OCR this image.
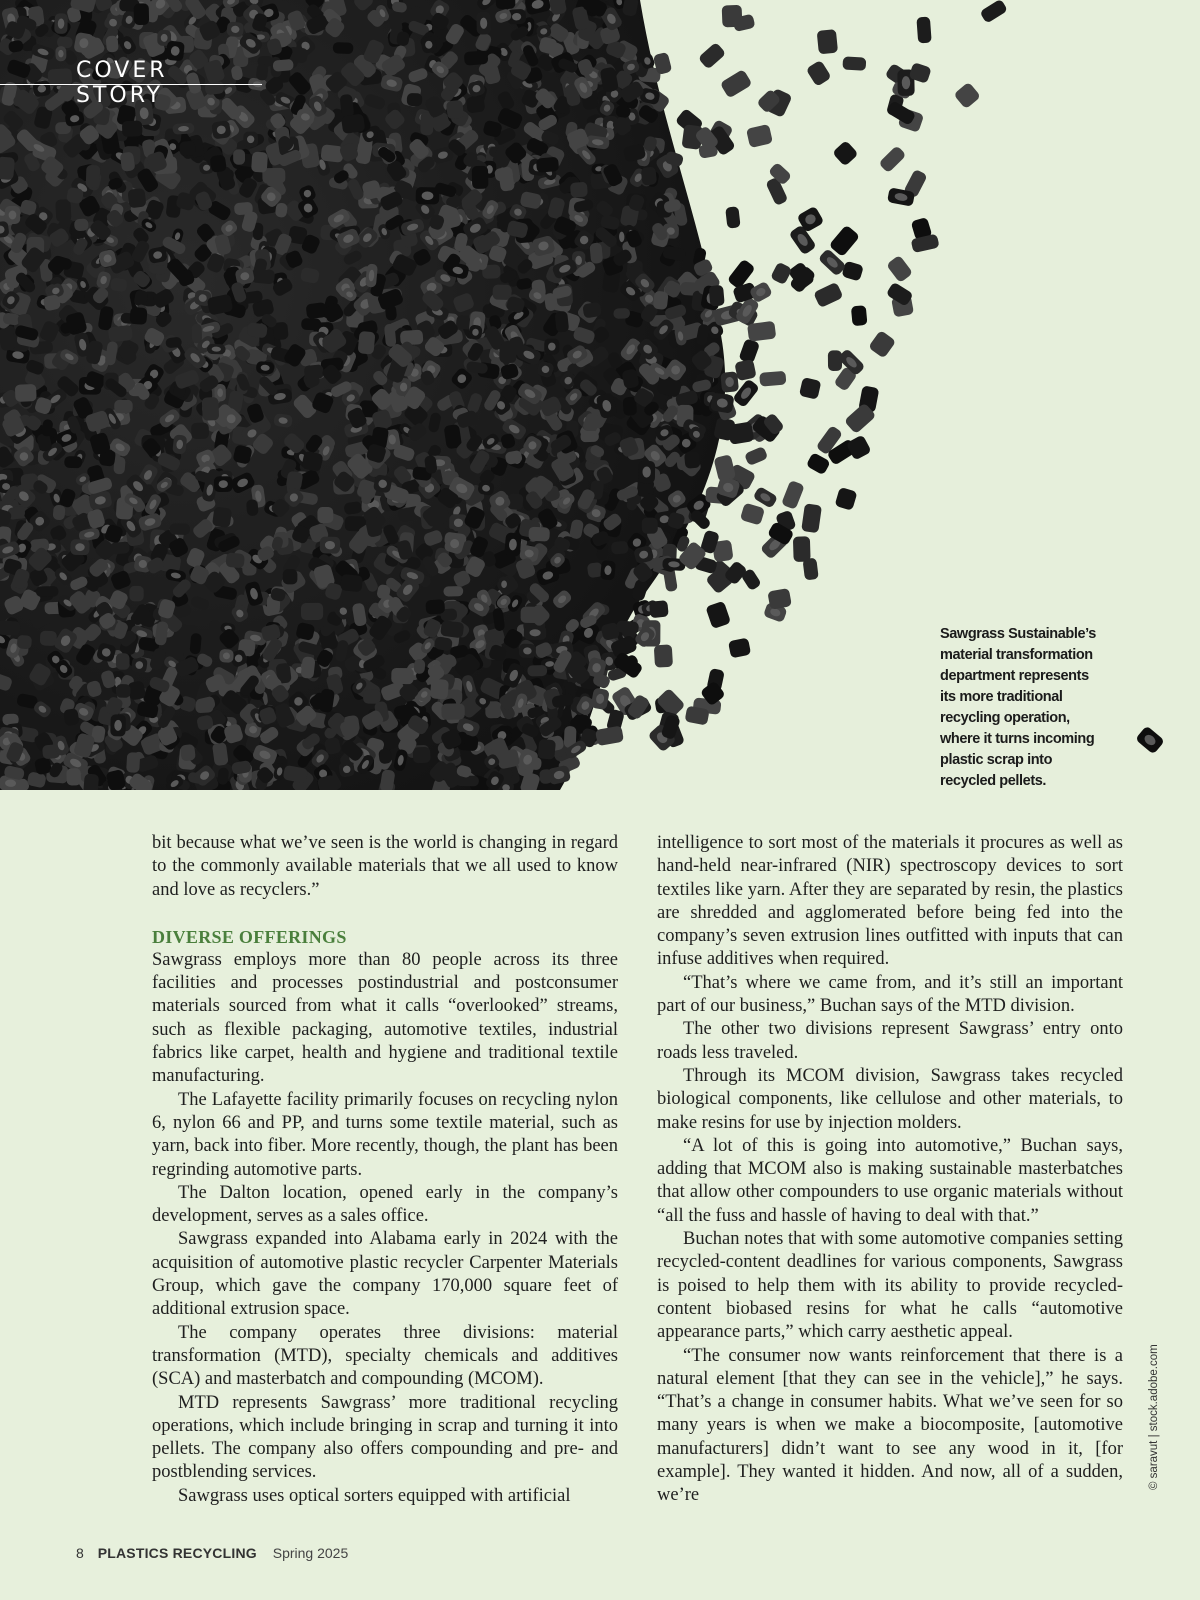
COVER STORY
Sawgrass Sustainable’s material transformation department represents its more traditional recycling operation, where it turns incoming plastic scrap into recycled pellets.

bit because what we’ve seen is the world is changing in regard to the commonly available materials that we all used to know and love as recyclers.”

DIVERSE OFFERINGS

Sawgrass employs more than 80 people across its three facilities and processes postindustrial and postconsumer materials sourced from what it calls “overlooked” streams, such as flexible packaging, automotive textiles, industrial fabrics like carpet, health and hygiene and traditional textile manufacturing.

The Lafayette facility primarily focuses on recycling nylon 6, nylon 66 and PP, and turns some textile material, such as yarn, back into fiber. More recently, though, the plant has been regrinding automotive parts.

The Dalton location, opened early in the company’s development, serves as a sales office.

Sawgrass expanded into Alabama early in 2024 with the acquisition of automotive plastic recycler Carpenter Materials Group, which gave the company 170,000 square feet of additional extrusion space.

The company operates three divisions: material transformation (MTD), specialty chemicals and additives (SCA) and masterbatch and compounding (MCOM).

MTD represents Sawgrass’ more traditional recycling operations, which include bringing in scrap and turning it into pellets. The company also offers compounding and pre- and postblending services.

Sawgrass uses optical sorters equipped with artificial

intelligence to sort most of the materials it procures as well as hand-held near-infrared (NIR) spectroscopy devices to sort textiles like yarn. After they are separated by resin, the plastics are shredded and agglomerated before being fed into the company’s seven extrusion lines outfitted with inputs that can infuse additives when required.

“That’s where we came from, and it’s still an important part of our business,” Buchan says of the MTD division.

The other two divisions represent Sawgrass’ entry onto roads less traveled.

Through its MCOM division, Sawgrass takes recycled biological components, like cellulose and other materials, to make resins for use by injection molders.

“A lot of this is going into automotive,” Buchan says, adding that MCOM also is making sustainable masterbatches that allow other compounders to use organic materials without “all the fuss and hassle of having to deal with that.”

Buchan notes that with some automotive companies setting recycled-content deadlines for various components, Sawgrass is poised to help them with its ability to provide recycled-content biobased resins for what he calls “automotive appearance parts,” which carry aesthetic appeal.

“The consumer now wants reinforcement that there is a natural element [that they can see in the vehicle],” he says. “That’s a change in consumer habits. What we’ve seen for so many years is when we make a biocomposite, [automotive manufacturers] didn’t want to see any wood in it, [for example]. They wanted it hidden. And now, all of a sudden, we’re

© saravut | stock.adobe.com
8 PLASTICS RECYCLING Spring 2025
